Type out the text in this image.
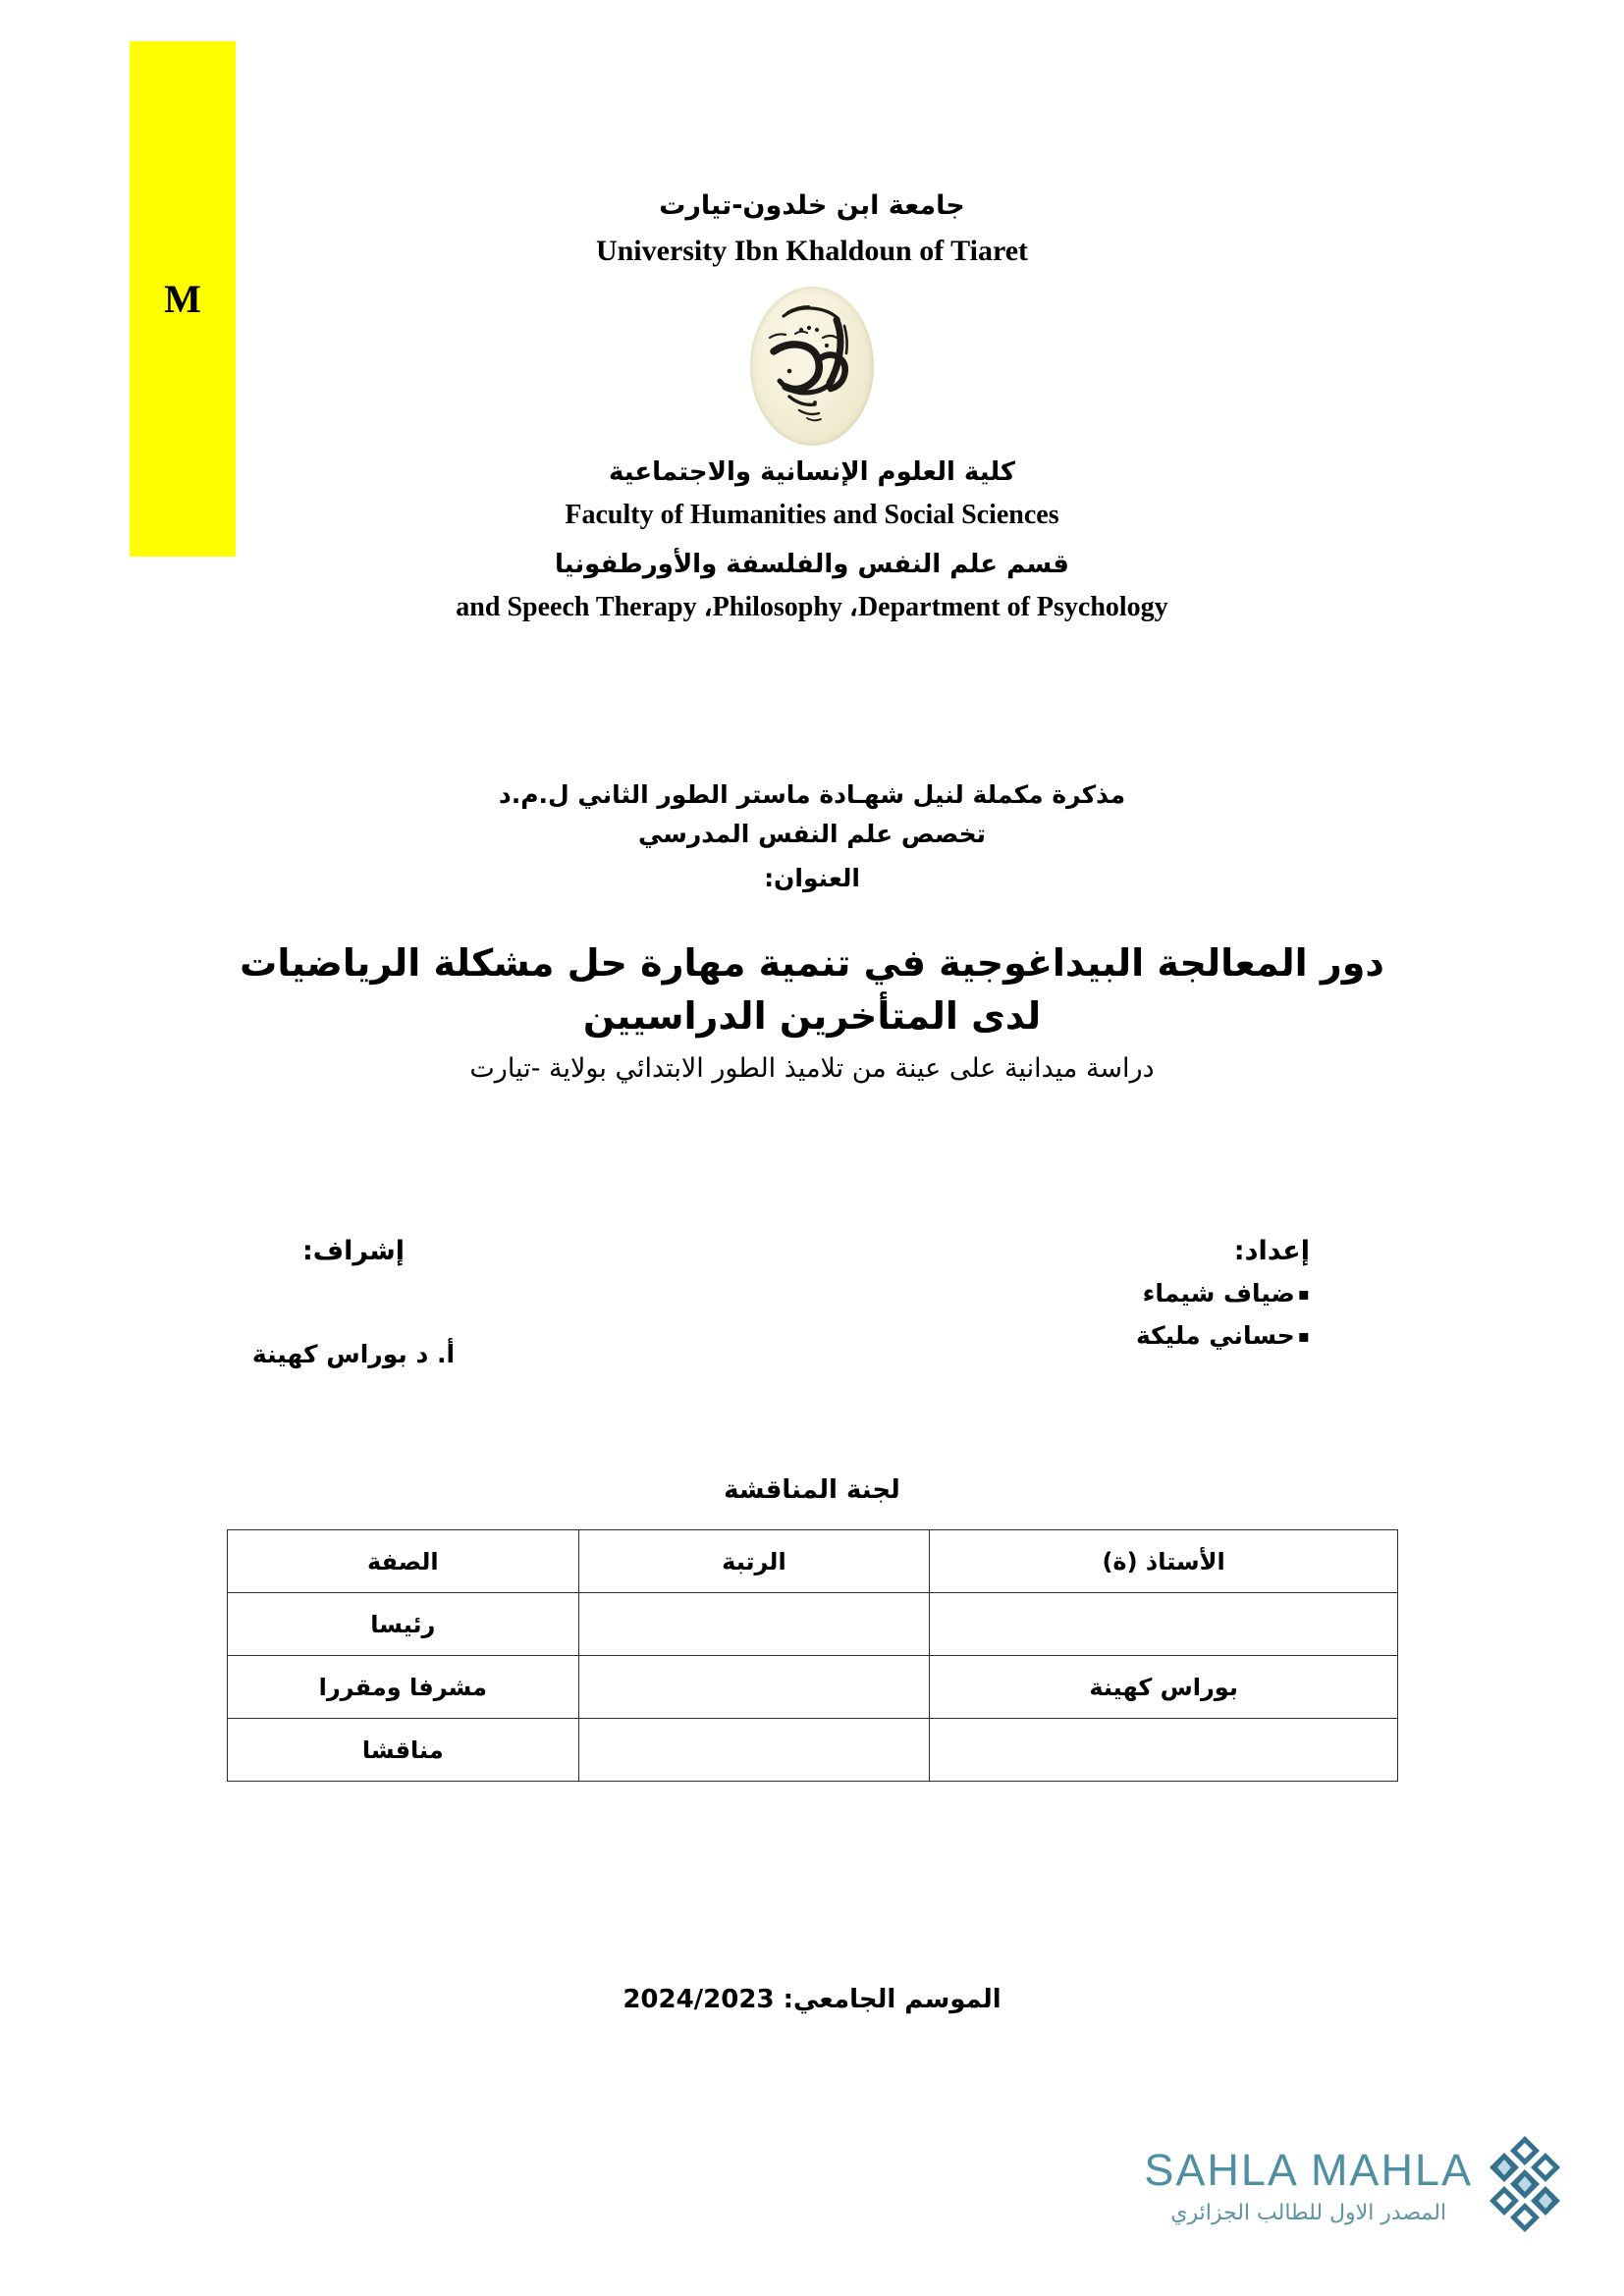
M
جامعة ابن خلدون-تيارت
University Ibn Khaldoun of Tiaret
كلية العلوم الإنسانية والاجتماعية
Faculty of Humanities and Social Sciences
قسم علم النفس والفلسفة والأورطفونيا
and Speech Therapy ،Philosophy ،Department of Psychology
مذكرة مكملة لنيل شهـادة ماستر الطور الثاني ل.م.د
تخصص علم النفس المدرسي
العنوان:
دور المعالجة البيداغوجية في تنمية مهارة حل مشكلة الرياضيات لدى المتأخرين الدراسيين
دراسة ميدانية على عينة من تلاميذ الطور الابتدائي بولاية -تيارت
إعداد:
▪ضياف شيماء
▪حساني مليكة
إشراف:
أ. د بوراس كهينة
لجنة المناقشة
الأستاذ (ة)	الرتبة	الصفة
		رئيسا
بوراس كهينة		مشرفا ومقررا
		مناقشا
الموسم الجامعي: 2024/2023
SAHLA MAHLA
المصدر الاول للطالب الجزائري
